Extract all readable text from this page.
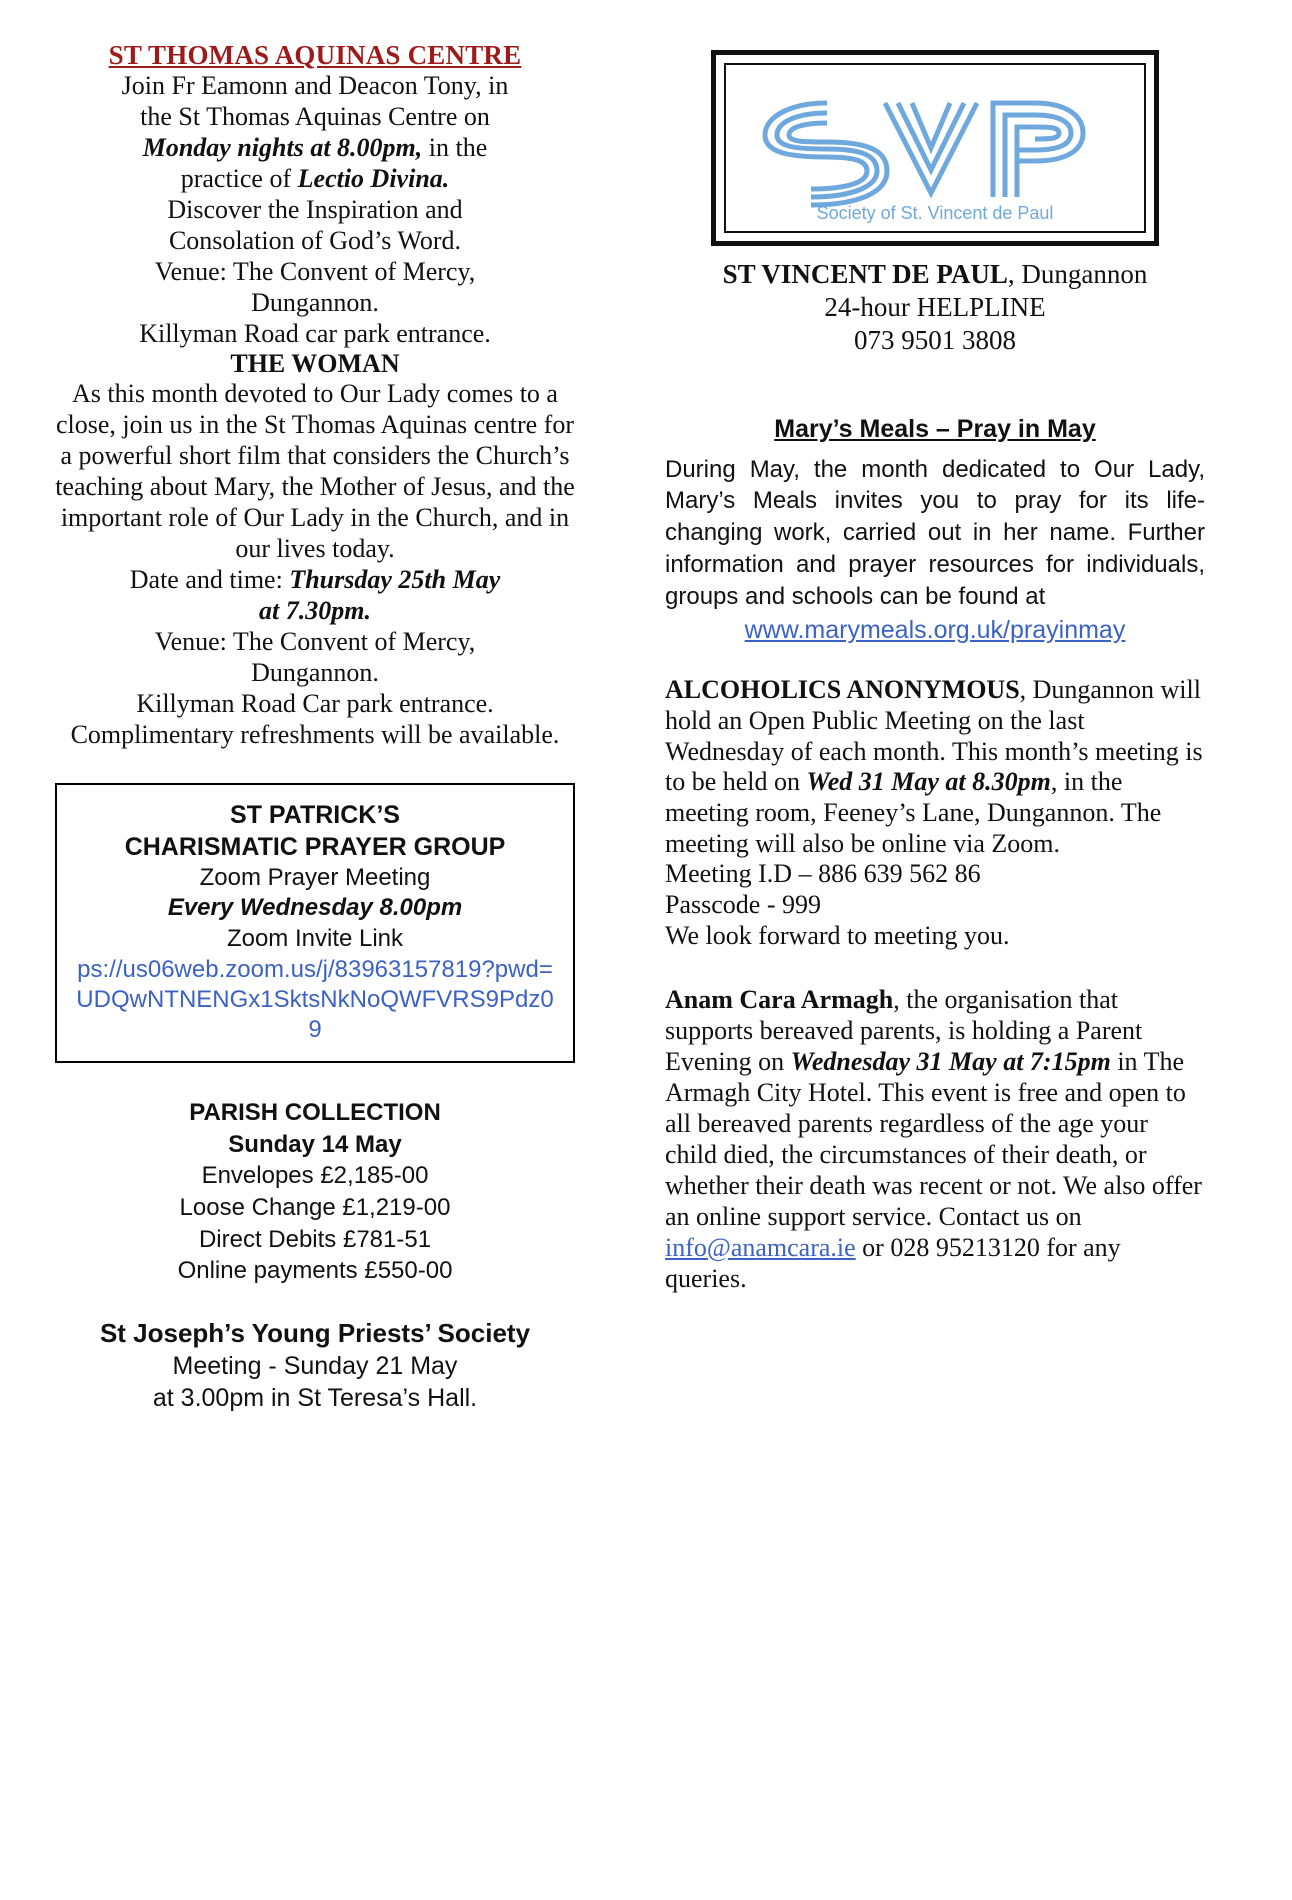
ST THOMAS AQUINAS CENTRE

Join Fr Eamonn and Deacon Tony, in

the St Thomas Aquinas Centre on

Monday nights at 8.00pm, in the

practice of Lectio Divina.

Discover the Inspiration and

Consolation of God’s Word.

Venue: The Convent of Mercy,

Dungannon.

Killyman Road car park entrance.

THE WOMAN

As this month devoted to Our Lady comes to a close, join us in the St Thomas Aquinas centre for a powerful short film that considers the Church’s teaching about Mary, the Mother of Jesus, and the important role of Our Lady in the Church, and in our lives today.

Date and time: Thursday 25th May

at 7.30pm.

Venue: The Convent of Mercy,

Dungannon.

Killyman Road Car park entrance.

Complimentary refreshments will be available.

ST PATRICK’S

CHARISMATIC PRAYER GROUP

Zoom Prayer Meeting

Every Wednesday 8.00pm

Zoom Invite Link

ps://us06web.zoom.us/j/83963157819?pwd=UDQwNTNENGx1SktsNkNoQWFVRS9Pdz09

PARISH COLLECTION

Sunday 14 May

Envelopes £2,185-00

Loose Change £1,219-00

Direct Debits £781-51

Online payments £550-00

St Joseph’s Young Priests’ Society

Meeting - Sunday 21 May

at 3.00pm in St Teresa’s Hall.

Society of St. Vincent de Paul

ST VINCENT DE PAUL, Dungannon

24-hour HELPLINE

073 9501 3808

Mary’s Meals – Pray in May

During May, the month dedicated to Our Lady, Mary’s Meals invites you to pray for its life-changing work, carried out in her name. Further information and prayer resources for individuals, groups and schools can be found at

www.marymeals.org.uk/prayinmay

ALCOHOLICS ANONYMOUS, Dungannon will hold an Open Public Meeting on the last Wednesday of each month. This month’s meeting is to be held on Wed 31 May at 8.30pm, in the meeting room, Feeney’s Lane, Dungannon. The meeting will also be online via Zoom.

Meeting I.D – 886 639 562 86

Passcode - 999

We look forward to meeting you.

Anam Cara Armagh, the organisation that supports bereaved parents, is holding a Parent Evening on Wednesday 31 May at 7:15pm in The Armagh City Hotel. This event is free and open to all bereaved parents regardless of the age your child died, the circumstances of their death, or whether their death was recent or not. We also offer an online support service. Contact us on info@anamcara.ie or 028 95213120 for any queries.
